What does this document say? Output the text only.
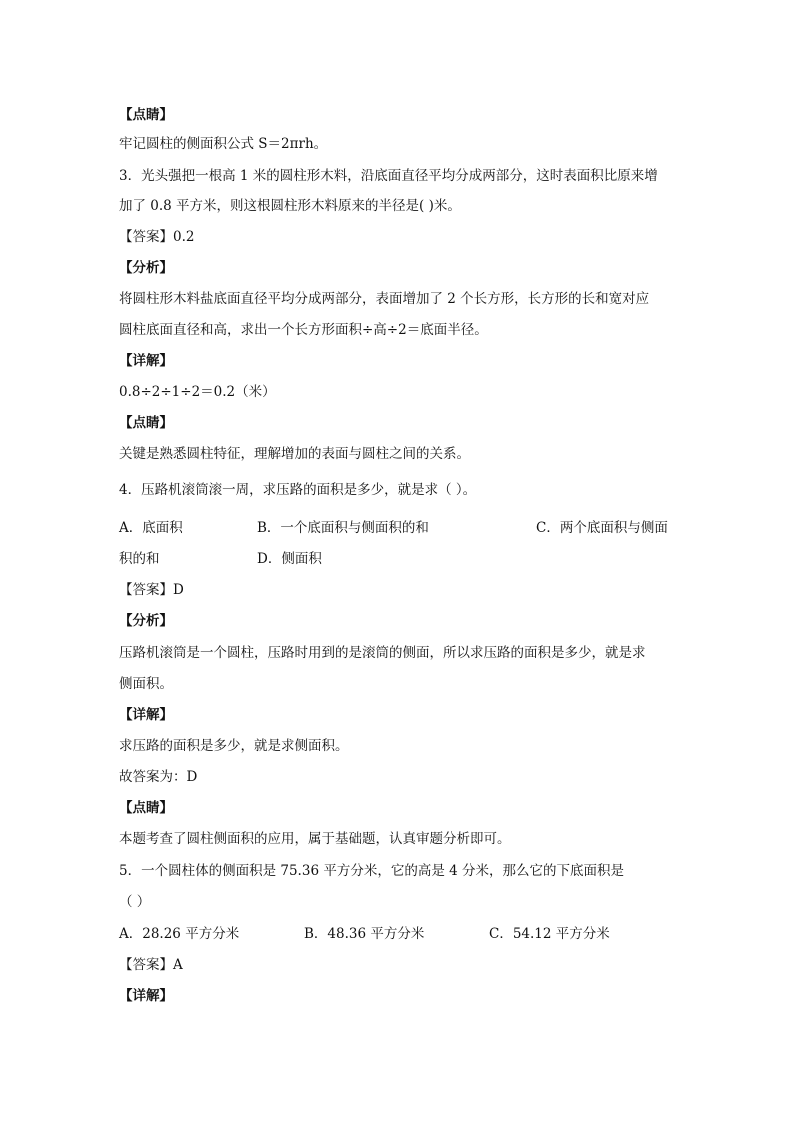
【点睛】
牢记圆柱的侧面积公式 S＝2πrh。
3．光头强把一根高 1 米的圆柱形木料，沿底面直径平均分成两部分，这时表面积比原来增
加了 0.8 平方米，则这根圆柱形木料原来的半径是( )米。
【答案】0.2
【分析】
将圆柱形木料盐底面直径平均分成两部分，表面增加了 2 个长方形，长方形的长和宽对应
圆柱底面直径和高，求出一个长方形面积÷高÷2＝底面半径。
【详解】
0.8÷2÷1÷2＝0.2（米）
【点睛】
关键是熟悉圆柱特征，理解增加的表面与圆柱之间的关系。
4．压路机滚筒滚一周，求压路的面积是多少，就是求（ ）。
A．底面积	B．一个底面积与侧面积的和	C．两个底面积与侧面
积的和	D．侧面积
【答案】D
【分析】
压路机滚筒是一个圆柱，压路时用到的是滚筒的侧面，所以求压路的面积是多少，就是求
侧面积。
【详解】
求压路的面积是多少，就是求侧面积。
故答案为：D
【点睛】
本题考查了圆柱侧面积的应用，属于基础题，认真审题分析即可。
5．一个圆柱体的侧面积是 75.36 平方分米，它的高是 4 分米，那么它的下底面积是
（ ）
A．28.26 平方分米	B．48.36 平方分米	C．54.12 平方分米
【答案】A
【详解】
